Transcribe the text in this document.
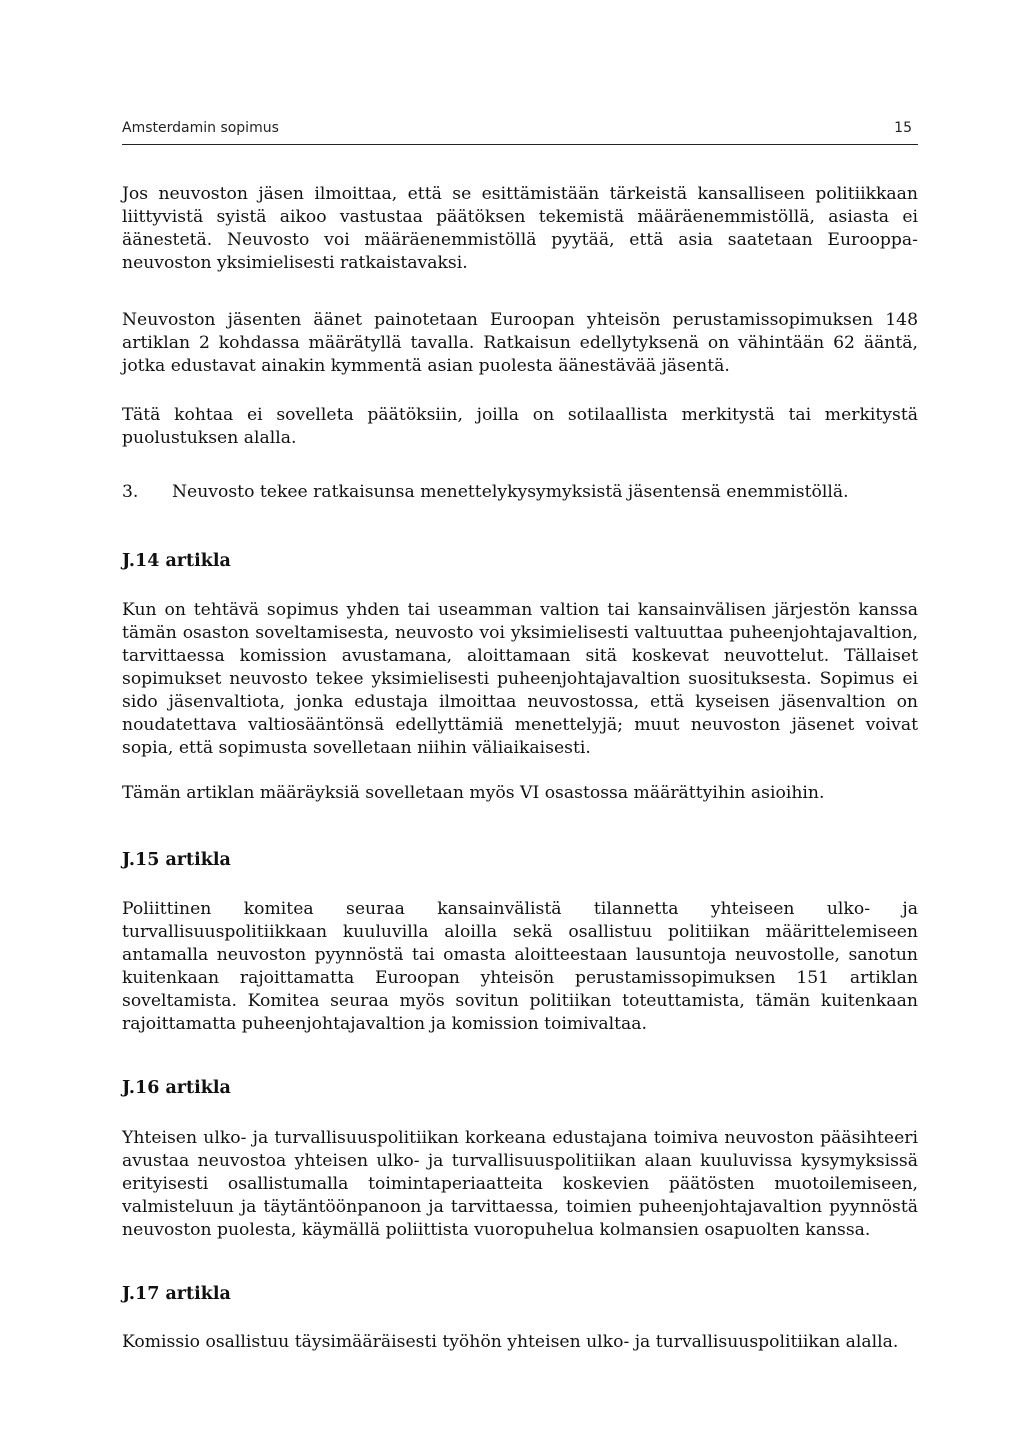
Amsterdamin sopimus	15

Jos neuvoston jäsen ilmoittaa, että se esittämistään tärkeistä kansalliseen politiikkaan liittyvistä syistä aikoo vastustaa päätöksen tekemistä määräenemmistöllä, asiasta ei äänestetä. Neuvosto voi määräenemmistöllä pyytää, että asia saatetaan Eurooppa-neuvoston yksimielisesti ratkaistavaksi.

Neuvoston jäsenten äänet painotetaan Euroopan yhteisön perustamissopimuksen 148 artiklan 2 kohdassa määrätyllä tavalla. Ratkaisun edellytyksenä on vähintään 62 ääntä, jotka edustavat ainakin kymmentä asian puolesta äänestävää jäsentä.

Tätä kohtaa ei sovelleta päätöksiin, joilla on sotilaallista merkitystä tai merkitystä puolustuksen alalla.

3. Neuvosto tekee ratkaisunsa menettelykysymyksistä jäsentensä enemmistöllä.

J.14 artikla

Kun on tehtävä sopimus yhden tai useamman valtion tai kansainvälisen järjestön kanssa tämän osaston soveltamisesta, neuvosto voi yksimielisesti valtuuttaa puheenjohtajavaltion, tarvittaessa komission avustamana, aloittamaan sitä koskevat neuvottelut. Tällaiset sopimukset neuvosto tekee yksimielisesti puheenjohtajavaltion suosituksesta. Sopimus ei sido jäsenvaltiota, jonka edustaja ilmoittaa neuvostossa, että kyseisen jäsenvaltion on noudatettava valtiosääntönsä edellyttämiä menettelyjä; muut neuvoston jäsenet voivat sopia, että sopimusta sovelletaan niihin väliaikaisesti.

Tämän artiklan määräyksiä sovelletaan myös VI osastossa määrättyihin asioihin.

J.15 artikla

Poliittinen komitea seuraa kansainvälistä tilannetta yhteiseen ulko- ja turvallisuuspolitiikkaan kuuluvilla aloilla sekä osallistuu politiikan määrittelemiseen antamalla neuvoston pyynnöstä tai omasta aloitteestaan lausuntoja neuvostolle, sanotun kuitenkaan rajoittamatta Euroopan yhteisön perustamissopimuksen 151 artiklan soveltamista. Komitea seuraa myös sovitun politiikan toteuttamista, tämän kuitenkaan rajoittamatta puheenjohtajavaltion ja komission toimivaltaa.

J.16 artikla

Yhteisen ulko- ja turvallisuuspolitiikan korkeana edustajana toimiva neuvoston pääsihteeri avustaa neuvostoa yhteisen ulko- ja turvallisuuspolitiikan alaan kuuluvissa kysymyksissä erityisesti osallistumalla toimintaperiaatteita koskevien päätösten muotoilemiseen, valmisteluun ja täytäntöönpanoon ja tarvittaessa, toimien puheenjohtajavaltion pyynnöstä neuvoston puolesta, käymällä poliittista vuoropuhelua kolmansien osapuolten kanssa.

J.17 artikla

Komissio osallistuu täysimääräisesti työhön yhteisen ulko- ja turvallisuuspolitiikan alalla.
